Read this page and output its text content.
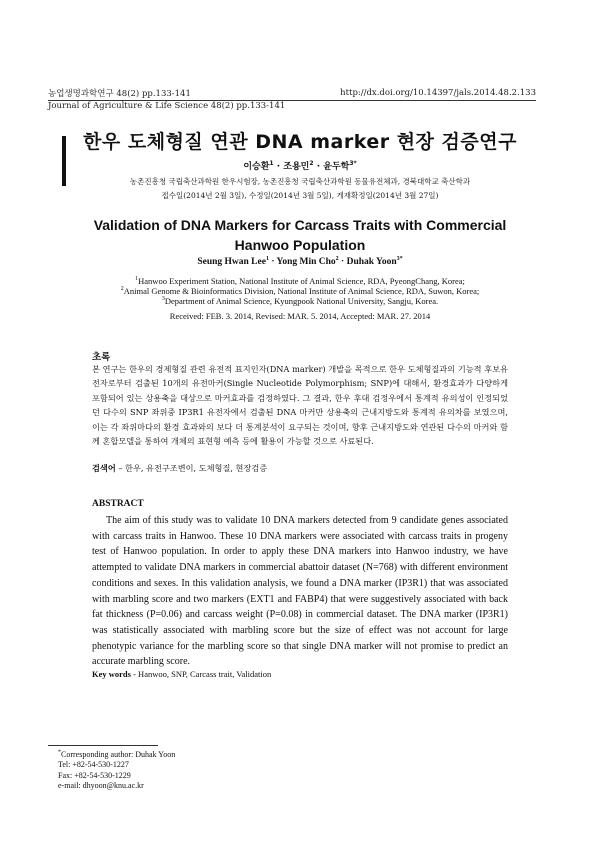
농업생명과학연구 48(2) pp.133-141
Journal of Agriculture & Life Science 48(2) pp.133-141
http://dx.doi.org/10.14397/jals.2014.48.2.133
한우 도체형질 연관 DNA marker 현장 검증연구
이승환$^1$ · 조용민$^2$ · 윤두학$^{3*}$
농촌진흥청 국립축산과학원 한우시험장, 농촌진흥청 국립축산과학원 동물유전체과, 경북대학교 축산학과
접수일(2014년 2월 3일), 수정일(2014년 3월 5일), 게재확정일(2014년 3월 27일)
Validation of DNA Markers for Carcass Traits with Commercial Hanwoo Population
Seung Hwan Lee$^1$ · Yong Min Cho$^2$ · Duhak Yoon$^{3*}$
$^1$Hanwoo Experiment Station, National Institute of Animal Science, RDA, PyeongChang, Korea;
$^2$Animal Genome & Bioinformatics Division, National Institute of Animal Science, RDA, Suwon, Korea;
$^3$Department of Animal Science, Kyungpook National University, Sangju, Korea.
Received: FEB. 3. 2014, Revised: MAR. 5. 2014, Accepted: MAR. 27. 2014
초록
본 연구는 한우의 경제형질 관련 유전적 표지인자(DNA marker) 개발을 목적으로 한우 도체형질과의 기능적 후보유전자로부터 검출된 10개의 유전마커(Single Nucleotide Polymorphism; SNP)에 대해서, 환경효과가 다양하게 포함되어 있는 상용축을 대상으로 마커효과를 검정하였다. 그 결과, 한우 후대 검정우에서 통계적 유의성이 인정되었던 다수의 SNP 좌위중 IP3R1 유전자에서 검출된 DNA 마커만 상용축의 근내지방도와 통계적 유의차를 보였으며, 이는 각 좌위마다의 환경 효과와의 보다 더 통계분석이 요구되는 것이며, 향후 근내지방도와 연관된 다수의 마커와 함께 혼합모델을 통하여 개체의 표현형 예측 등에 활용이 가능할 것으로 사료된다.
검색어 – 한우, 유전구조변이, 도체형질, 현장검증
ABSTRACT
The aim of this study was to validate 10 DNA markers detected from 9 candidate genes associated with carcass traits in Hanwoo. These 10 DNA markers were associated with carcass traits in progeny test of Hanwoo population. In order to apply these DNA markers into Hanwoo industry, we have attempted to validate DNA markers in commercial abattoir dataset (N=768) with different environment conditions and sexes. In this validation analysis, we found a DNA marker (IP3R1) that was associated with marbling score and two markers (EXT1 and FABP4) that were suggestively associated with back fat thickness (P=0.06) and carcass weight (P=0.08) in commercial dataset. The DNA marker (IP3R1) was statistically associated with marbling score but the size of effect was not account for large phenotypic variance for the marbling score so that single DNA marker will not promise to predict an accurate marbling score.
Key words - Hanwoo, SNP, Carcass trait, Validation
*Corresponding author: Duhak Yoon
Tel: +82-54-530-1227
Fax: +82-54-530-1229
e-mail: dhyoon@knu.ac.kr
